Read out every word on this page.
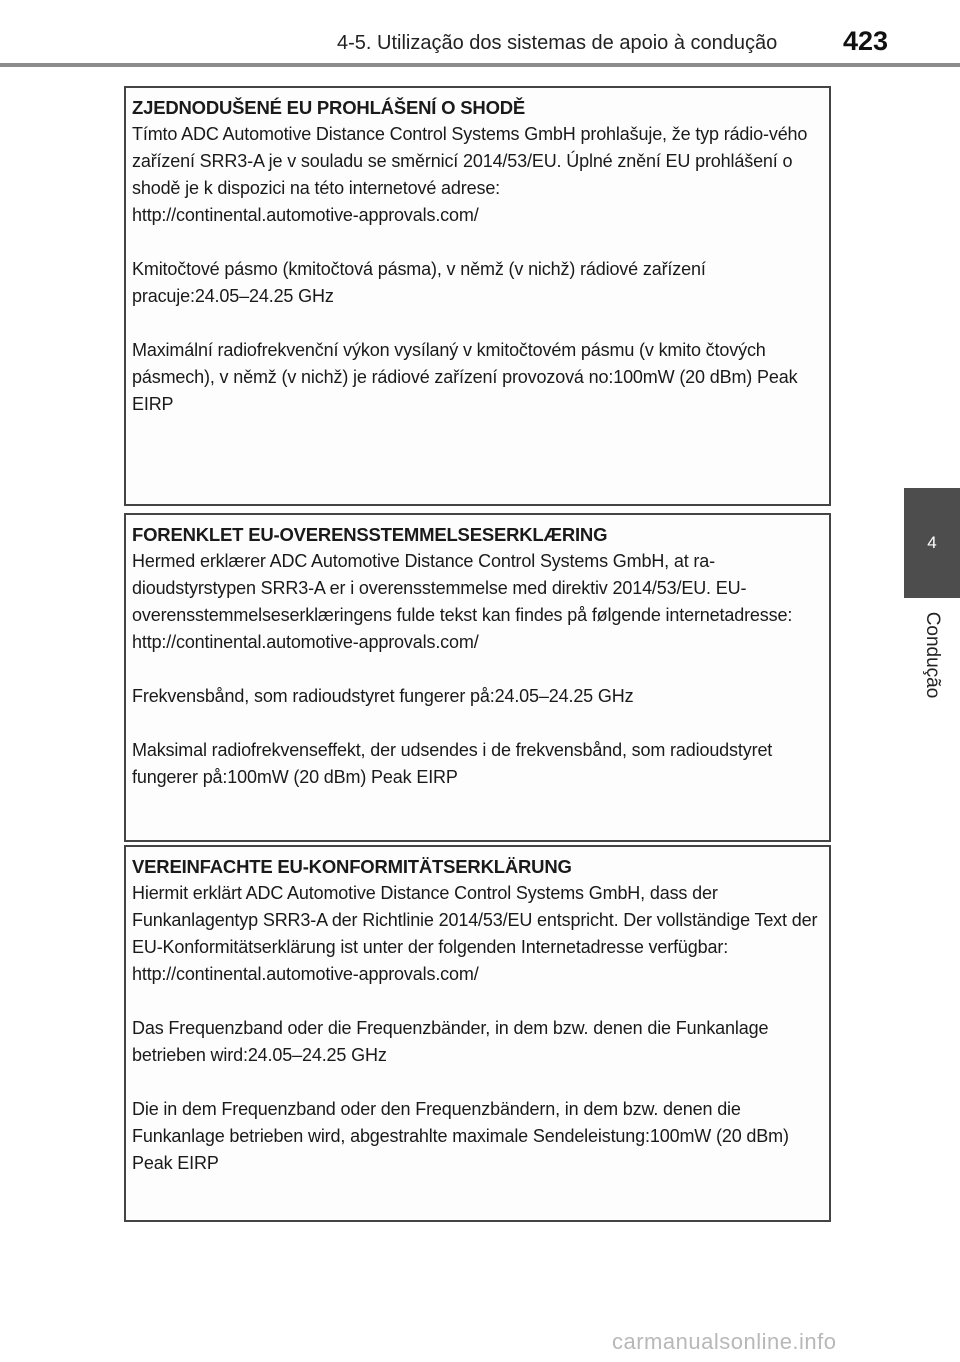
4-5. Utilização dos sistemas de apoio à condução 423
4
Condução
ZJEDNODUŠENÉ EU PROHLÁŠENÍ O SHODĚ

Tímto ADC Automotive Distance Control Systems GmbH prohlašuje, že typ rádio-vého zařízení SRR3-A je v souladu se směrnicí 2014/53/EU. Úplné znění EU prohlášení o shodě je k dispozici na této internetové adrese:

http://continental.automotive-approvals.com/

Kmitočtové pásmo (kmitočtová pásma), v němž (v nichž) rádiové zařízení pracuje:24.05–24.25 GHz

Maximální radiofrekvenční výkon vysílaný v kmitočtovém pásmu (v kmito čtových pásmech), v němž (v nichž) je rádiové zařízení provozová no:100mW (20 dBm) Peak EIRP

FORENKLET EU-OVERENSSTEMMELSESERKLÆRING

Hermed erklærer ADC Automotive Distance Control Systems GmbH, at ra-dioudstyrstypen SRR3-A er i overensstemmelse med direktiv 2014/53/EU. EU-overensstemmelseserklæringens fulde tekst kan findes på følgende internetadresse:

http://continental.automotive-approvals.com/

Frekvensbånd, som radioudstyret fungerer på:24.05–24.25 GHz

Maksimal radiofrekvenseffekt, der udsendes i de frekvensbånd, som radioudstyret fungerer på:100mW (20 dBm) Peak EIRP

VEREINFACHTE EU-KONFORMITÄTSERKLÄRUNG

Hiermit erklärt ADC Automotive Distance Control Systems GmbH, dass der Funkanlagentyp SRR3-A der Richtlinie 2014/53/EU entspricht. Der vollständige Text der EU-Konformitätserklärung ist unter der folgenden Internetadresse verfügbar:

http://continental.automotive-approvals.com/

Das Frequenzband oder die Frequenzbänder, in dem bzw. denen die Funkanlage betrieben wird:24.05–24.25 GHz

Die in dem Frequenzband oder den Frequenzbändern, in dem bzw. denen die Funkanlage betrieben wird, abgestrahlte maximale Sendeleistung:100mW (20 dBm) Peak EIRP

carmanualsonline.info
